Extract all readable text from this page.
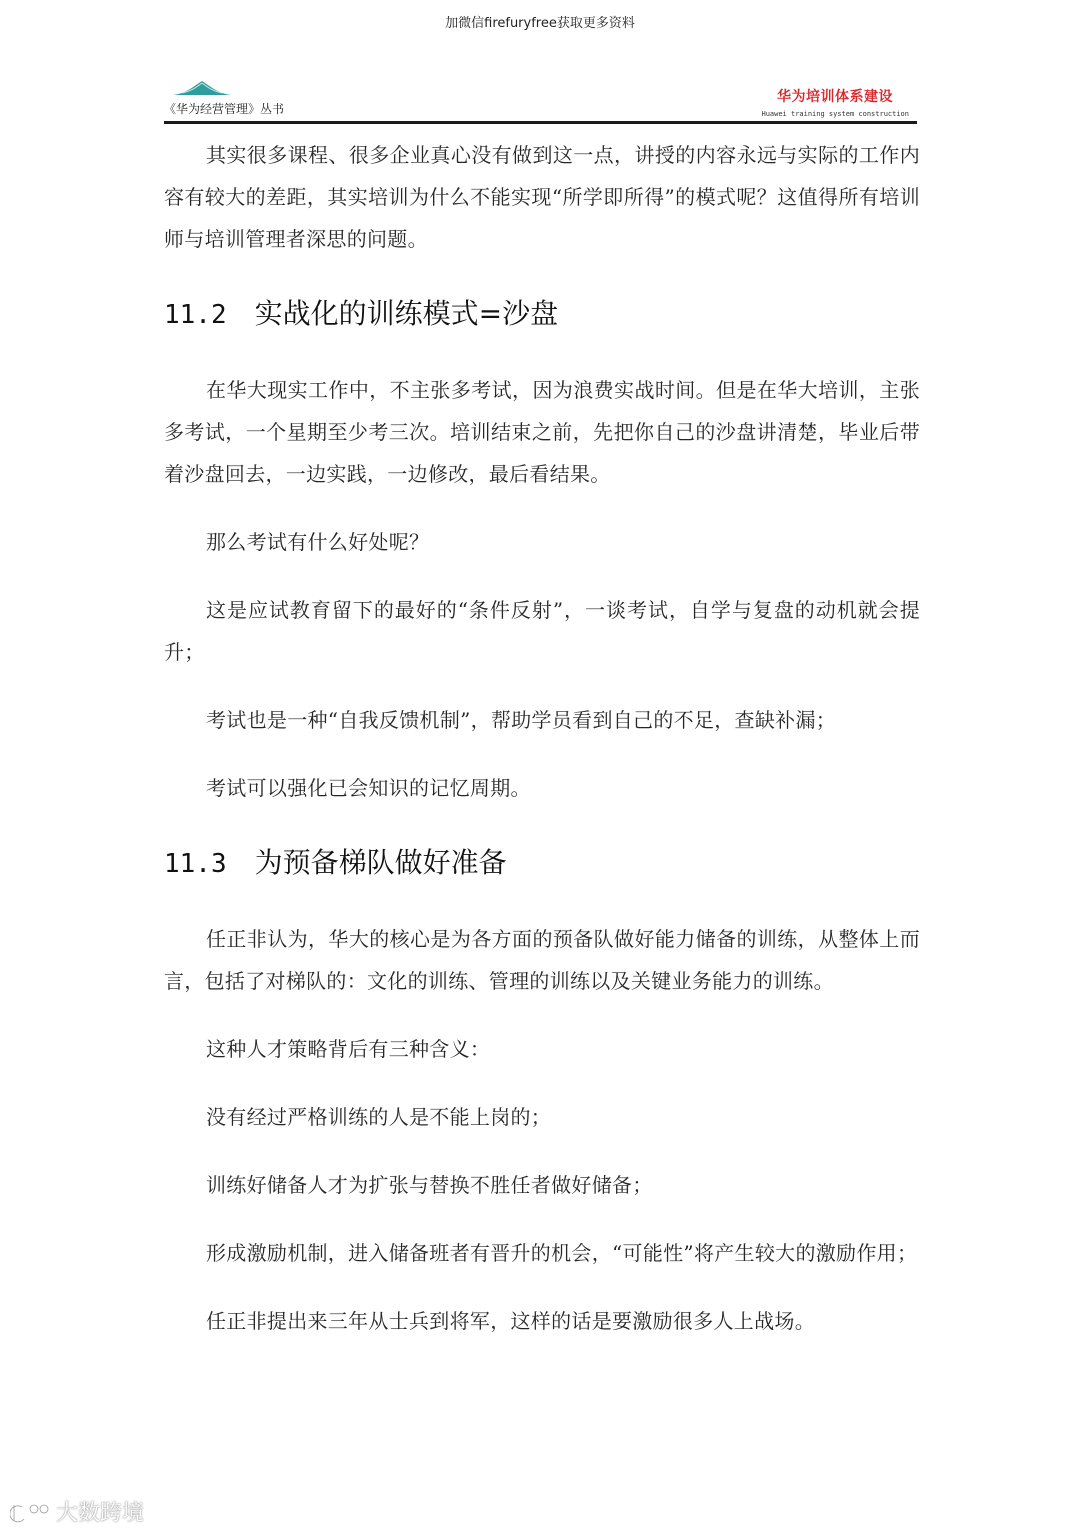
加微信firefuryfree获取更多资料
《华为经营管理》丛书
华为培训体系建设
Huawei training system construction

其实很多课程、很多企业真心没有做到这一点，讲授的内容永远与实际的工作内容有较大的差距，其实培训为什么不能实现“所学即所得”的模式呢？这值得所有培训师与培训管理者深思的问题。

11.2 实战化的训练模式=沙盘

在华大现实工作中，不主张多考试，因为浪费实战时间。但是在华大培训，主张多考试，一个星期至少考三次。培训结束之前，先把你自己的沙盘讲清楚，毕业后带着沙盘回去，一边实践，一边修改，最后看结果。

那么考试有什么好处呢？

这是应试教育留下的最好的“条件反射”，一谈考试，自学与复盘的动机就会提升；

考试也是一种“自我反馈机制”，帮助学员看到自己的不足，查缺补漏；

考试可以强化已会知识的记忆周期。

11.3 为预备梯队做好准备

任正非认为，华大的核心是为各方面的预备队做好能力储备的训练，从整体上而言，包括了对梯队的：文化的训练、管理的训练以及关键业务能力的训练。

这种人才策略背后有三种含义：

没有经过严格训练的人是不能上岗的；

训练好储备人才为扩张与替换不胜任者做好储备；

形成激励机制，进入储备班者有晋升的机会，“可能性”将产生较大的激励作用；

任正非提出来三年从士兵到将军，这样的话是要激励很多人上战场。

大数跨境
